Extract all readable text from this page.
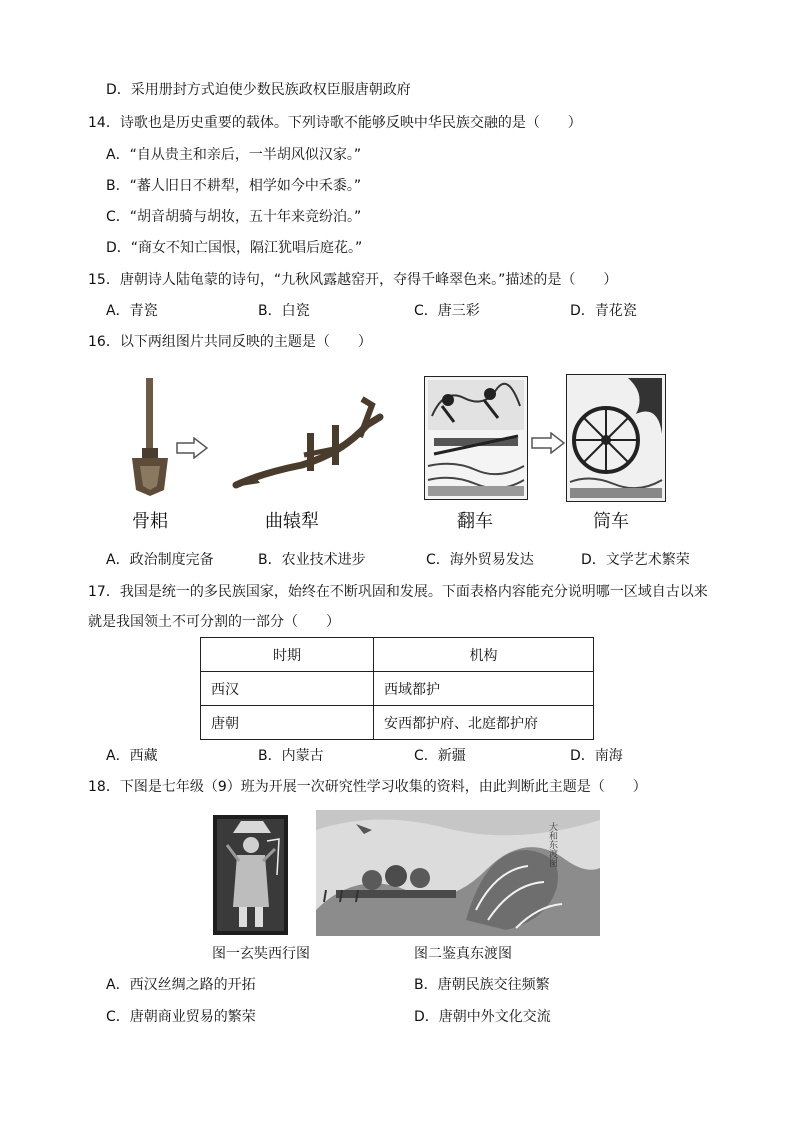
D．采用册封方式迫使少数民族政权臣服唐朝政府
14．诗歌也是历史重要的载体。下列诗歌不能够反映中华民族交融的是（　　）
A．“自从贵主和亲后，一半胡风似汉家。”
B．“蕃人旧日不耕犁，相学如今中禾黍。”
C．“胡音胡骑与胡妆，五十年来竞纷泊。”
D．“商女不知亡国恨，隔江犹唱后庭花。”
15．唐朝诗人陆龟蒙的诗句，“九秋风露越窑开，夺得千峰翠色来。”描述的是（　　）
A．青瓷	B．白瓷	C．唐三彩	D．青花瓷
16．以下两组图片共同反映的主题是（　　）
骨耜	曲辕犁	翻车	筒车
A．政治制度完备	B．农业技术进步	C．海外贸易发达	D．文学艺术繁荣
17．我国是统一的多民族国家，始终在不断巩固和发展。下面表格内容能充分说明哪一区域自古以来
就是我国领土不可分割的一部分（　　）
时期	机构
西汉	西域都护
唐朝	安西都护府、北庭都护府
A．西藏	B．内蒙古	C．新疆	D．南海
18．下图是七年级（9）班为开展一次研究性学习收集的资料，由此判断此主题是（　　）
大和东渡图
图一玄奘西行图	图二鉴真东渡图
A．西汉丝绸之路的开拓	B．唐朝民族交往频繁
C．唐朝商业贸易的繁荣	D．唐朝中外文化交流
